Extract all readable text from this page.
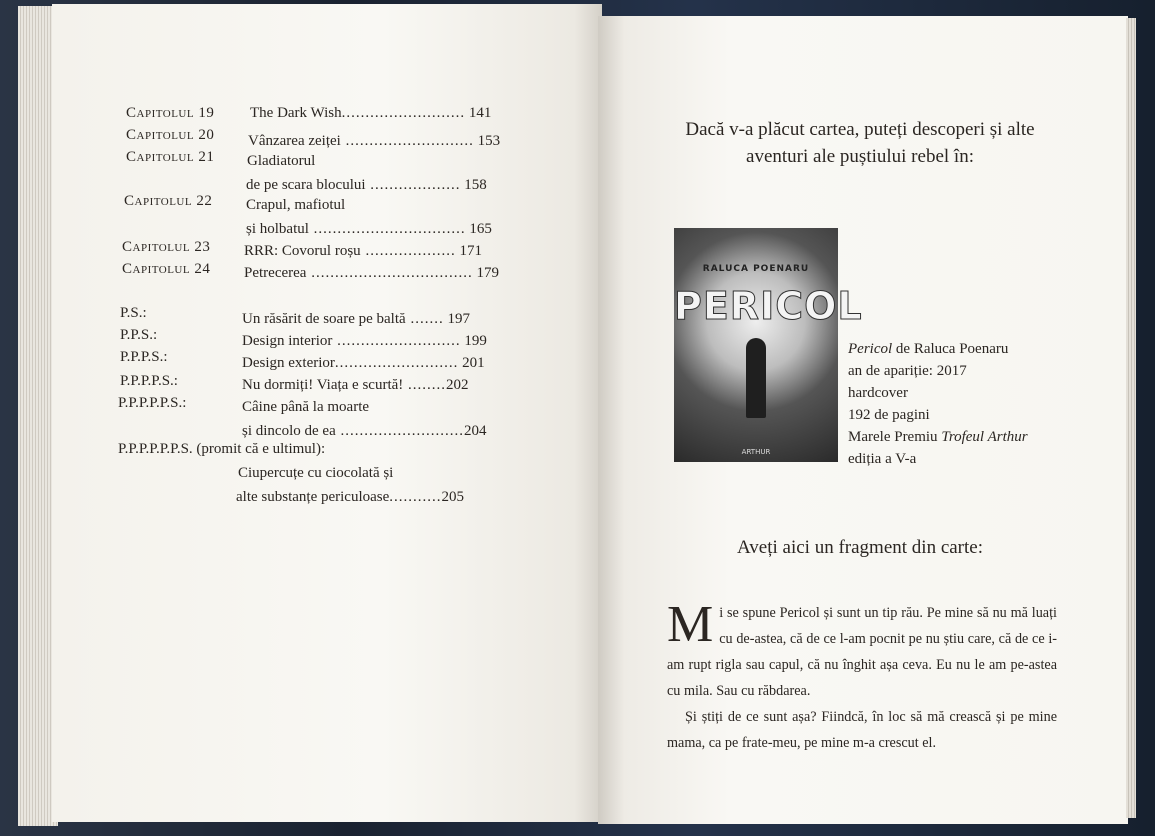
Capitolul 19 The Dark Wish.......................... 141
Capitolul 20 Vânzarea zeiței ........................... 153
Capitolul 21 Gladiatorul
de pe scara blocului ................... 158
Capitolul 22 Crapul, mafiotul
și holbatul ................................ 165
Capitolul 23 RRR: Covorul roșu ................... 171
Capitolul 24 Petrecerea .................................. 179
P.S.:	Un răsărit de soare pe baltă ....... 197
P.P.S.:	Design interior .......................... 199
P.P.P.S.:	Design exterior.......................... 201
P.P.P.P.S.:	Nu dormiți! Viața e scurtă! ........202
P.P.P.P.P.S.:	Câine până la moarte
și dincolo de ea ..........................204
P.P.P.P.P.P.S. (promit că e ultimul):
Ciupercuțe cu ciocolată și
alte substanțe periculoase...........205
Dacă v-a plăcut cartea, puteți descoperi și alte
aventuri ale puștiului rebel în:
RALUCA POENARU
PERICOL
ARTHUR
Pericol de Raluca Poenaru
an de apariție: 2017
hardcover
192 de pagini
Marele Premiu Trofeul Arthur
ediția a V-a
Aveți aici un fragment din carte:

Mi se spune Pericol și sunt un tip rău. Pe mine să nu mă luați cu de-astea, că de ce l-am pocnit pe nu știu care, că de ce i-am rupt rigla sau capul, că nu înghit așa ceva. Eu nu le am pe-astea cu mila. Sau cu răbdarea.

Și știți de ce sunt așa? Fiindcă, în loc să mă crească și pe mine mama, ca pe frate-meu, pe mine m-a crescut el.
